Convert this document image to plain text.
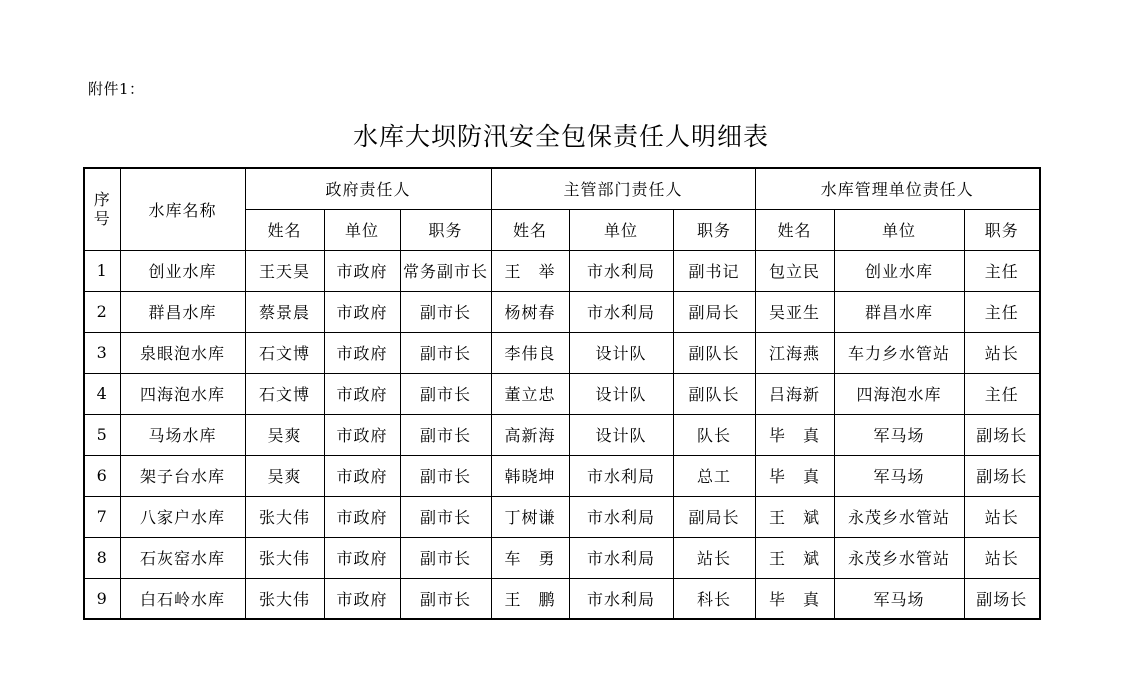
附件1：
水库大坝防汛安全包保责任人明细表
序
号	水库名称	政府责任人			主管部门责任人			水库管理单位责任人		
		姓名	单位	职务	姓名	单位	职务	姓名	单位	职务
1	创业水库	王天昊	市政府	常务副市长	王　举	市水利局	副书记	包立民	创业水库	主任
2	群昌水库	蔡景晨	市政府	副市长	杨树春	市水利局	副局长	吴亚生	群昌水库	主任
3	泉眼泡水库	石文博	市政府	副市长	李伟良	设计队	副队长	江海燕	车力乡水管站	站长
4	四海泡水库	石文博	市政府	副市长	董立忠	设计队	副队长	吕海新	四海泡水库	主任
5	马场水库	吴爽	市政府	副市长	高新海	设计队	队长	毕　真	军马场	副场长
6	架子台水库	吴爽	市政府	副市长	韩晓坤	市水利局	总工	毕　真	军马场	副场长
7	八家户水库	张大伟	市政府	副市长	丁树谦	市水利局	副局长	王　斌	永茂乡水管站	站长
8	石灰窑水库	张大伟	市政府	副市长	车　勇	市水利局	站长	王　斌	永茂乡水管站	站长
9	白石岭水库	张大伟	市政府	副市长	王　鹏	市水利局	科长	毕　真	军马场	副场长
